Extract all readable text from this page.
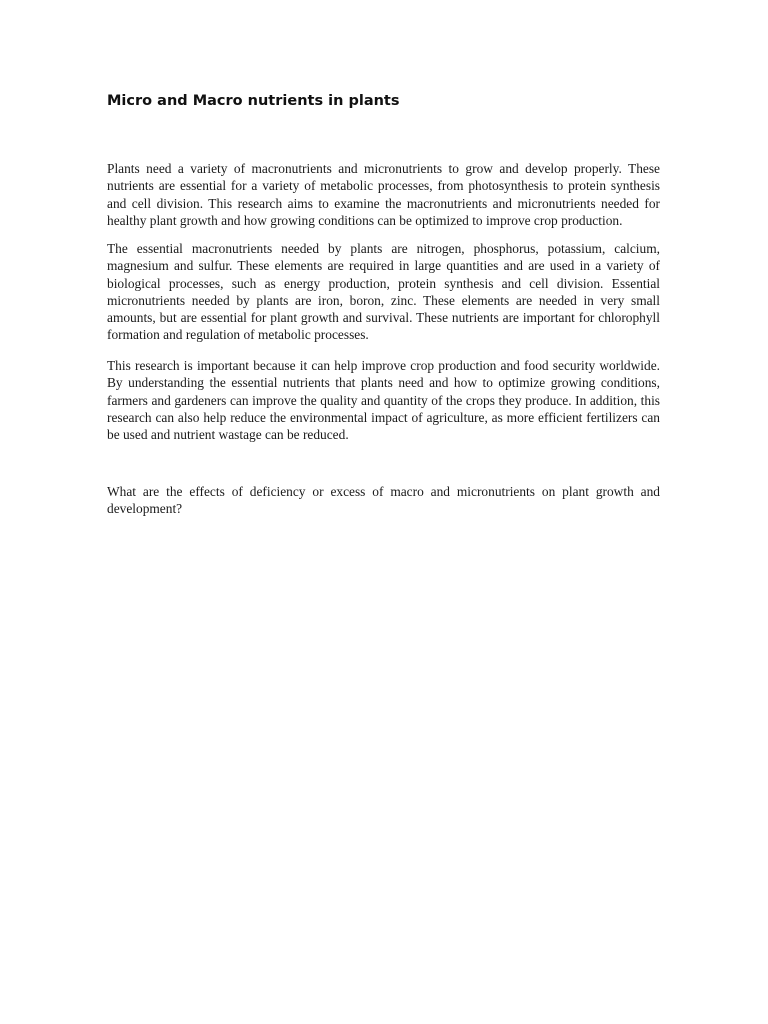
Micro and Macro nutrients in plants

Plants need a variety of macronutrients and micronutrients to grow and develop properly. These nutrients are essential for a variety of metabolic processes, from photosynthesis to protein synthesis and cell division. This research aims to examine the macronutrients and micronutrients needed for healthy plant growth and how growing conditions can be optimized to improve crop production.

The essential macronutrients needed by plants are nitrogen, phosphorus, potassium, calcium, magnesium and sulfur. These elements are required in large quantities and are used in a variety of biological processes, such as energy production, protein synthesis and cell division. Essential micronutrients needed by plants are iron, boron, zinc. These elements are needed in very small amounts, but are essential for plant growth and survival. These nutrients are important for chlorophyll formation and regulation of metabolic processes.

This research is important because it can help improve crop production and food security worldwide. By understanding the essential nutrients that plants need and how to optimize growing conditions, farmers and gardeners can improve the quality and quantity of the crops they produce. In addition, this research can also help reduce the environmental impact of agriculture, as more efficient fertilizers can be used and nutrient wastage can be reduced.

What are the effects of deficiency or excess of macro and micronutrients on plant growth and development?
